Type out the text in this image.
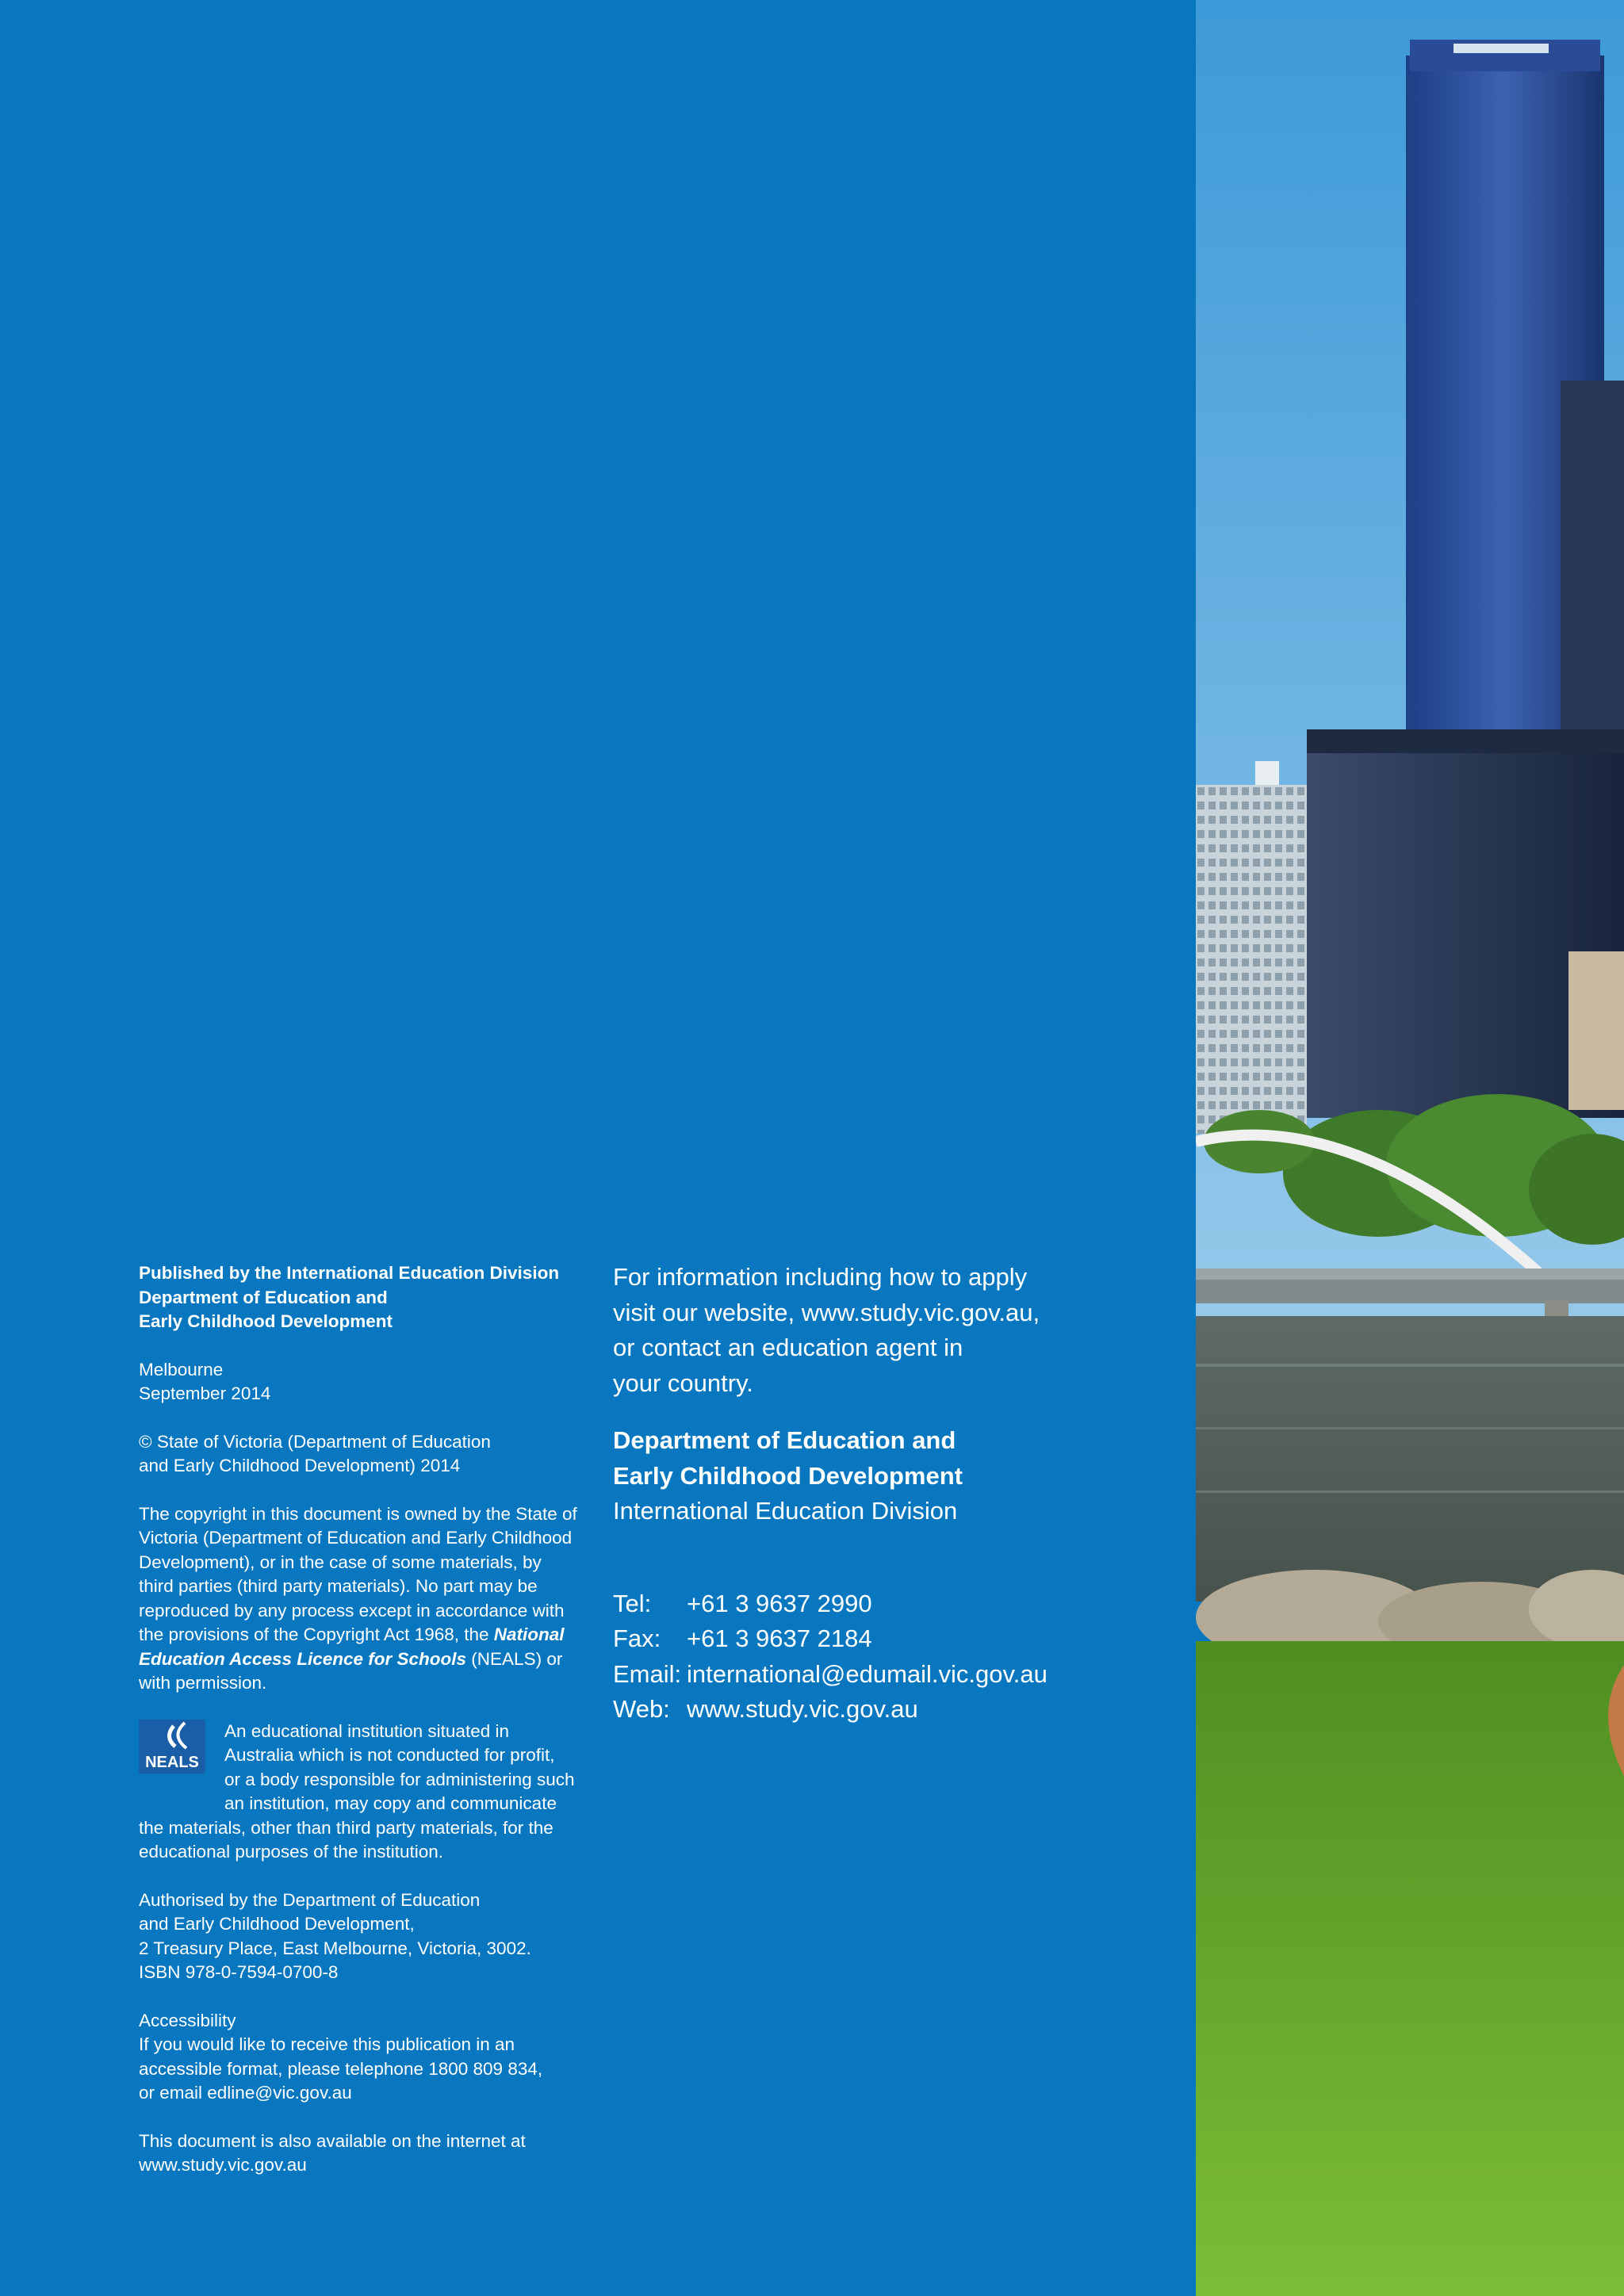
Published by the International Education Division
Department of Education and
Early Childhood Development

Melbourne
September 2014

© State of Victoria (Department of Education
and Early Childhood Development) 2014

The copyright in this document is owned by the State of
Victoria (Department of Education and Early Childhood
Development), or in the case of some materials, by
third parties (third party materials). No part may be
reproduced by any process except in accordance with
the provisions of the Copyright Act 1968, the National
Education Access Licence for Schools (NEALS) or
with permission.

NEALS
An educational institution situated in
Australia which is not conducted for profit,
or a body responsible for administering such
an institution, may copy and communicate
the materials, other than third party materials, for the
educational purposes of the institution.

Authorised by the Department of Education
and Early Childhood Development,
2 Treasury Place, East Melbourne, Victoria, 3002.
ISBN 978-0-7594-0700-8

Accessibility
If you would like to receive this publication in an
accessible format, please telephone 1800 809 834,
or email edline@vic.gov.au

This document is also available on the internet at
www.study.vic.gov.au

For information including how to apply
visit our website, www.study.vic.gov.au,
or contact an education agent in
your country.

Department of Education and
Early Childhood Development
International Education Division

Tel:	+61 3 9637 2990
Fax:	+61 3 9637 2184
Email: international@edumail.vic.gov.au
Web: www.study.vic.gov.au
